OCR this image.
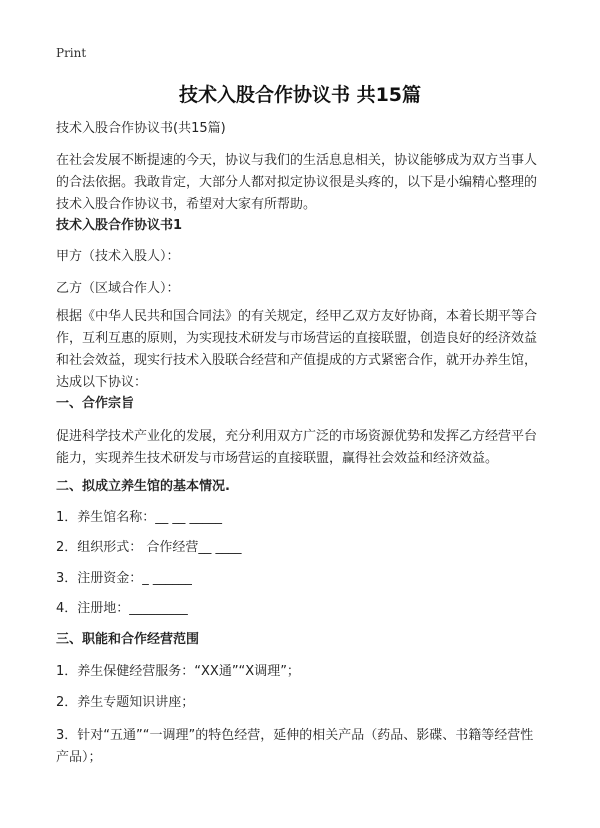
Print
技术入股合作协议书 共15篇

技术入股合作协议书(共15篇)

在社会发展不断提速的今天，协议与我们的生活息息相关，协议能够成为双方当事人的合法依据。我敢肯定，大部分人都对拟定协议很是头疼的，以下是小编精心整理的技术入股合作协议书，希望对大家有所帮助。

技术入股合作协议书1

甲方（技术入股人）：

乙方（区域合作人）：

根据《中华人民共和国合同法》的有关规定，经甲乙双方友好协商，本着长期平等合作，互利互惠的原则，为实现技术研发与市场营运的直接联盟，创造良好的经济效益和社会效益，现实行技术入股联合经营和产值提成的方式紧密合作，就开办养生馆，达成以下协议：

一、合作宗旨

促进科学技术产业化的发展，充分利用双方广泛的市场资源优势和发挥乙方经营平台能力，实现养生技术研发与市场营运的直接联盟，赢得社会效益和经济效益。

二、拟成立养生馆的基本情况.

1．养生馆名称：__ __ _____

2．组织形式： 合作经营__ ____

3．注册资金：_ ______

4．注册地：_________

三、职能和合作经营范围

1．养生保健经营服务：“XX通”“X调理”；

2．养生专题知识讲座；

3．针对“五通”“一调理”的特色经营，延伸的相关产品（药品、影碟、书籍等经营性产品）；
